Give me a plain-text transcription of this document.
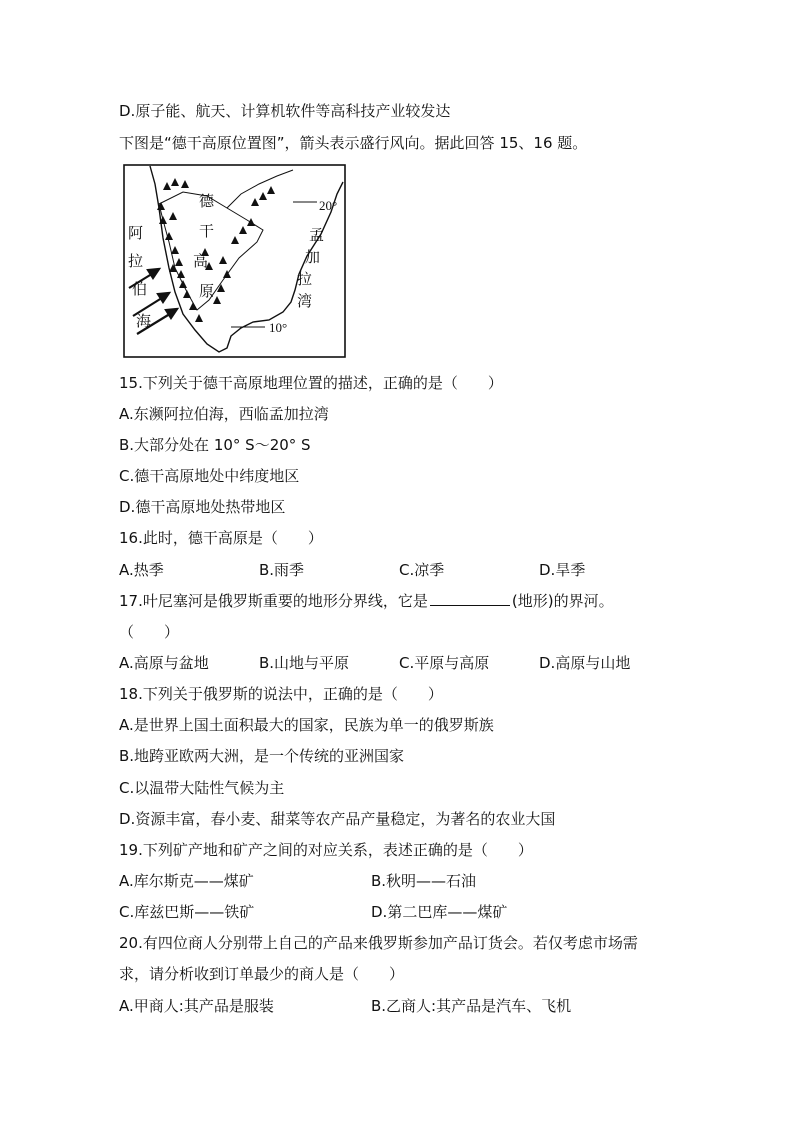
D.原子能、航天、计算机软件等高科技产业较发达
下图是“德干高原位置图”，箭头表示盛行风向。据此回答 15、16 题。
德
干
高
原
阿
拉
伯
海
孟
加
拉
湾
20°
10°
15.下列关于德干高原地理位置的描述，正确的是（　　）
A.东濒阿拉伯海，西临孟加拉湾
B.大部分处在 10° S～20° S
C.德干高原地处中纬度地区
D.德干高原地处热带地区
16.此时，德干高原是（　　）
A.热季	B.雨季	C.凉季	D.旱季
17.叶尼塞河是俄罗斯重要的地形分界线，它是	(地形)的界河。
（　　）
A.高原与盆地	B.山地与平原	C.平原与高原	D.高原与山地
18.下列关于俄罗斯的说法中，正确的是（　　）
A.是世界上国土面积最大的国家，民族为单一的俄罗斯族
B.地跨亚欧两大洲，是一个传统的亚洲国家
C.以温带大陆性气候为主
D.资源丰富，春小麦、甜菜等农产品产量稳定，为著名的农业大国
19.下列矿产地和矿产之间的对应关系，表述正确的是（　　）
A.库尔斯克——煤矿	B.秋明——石油
C.库兹巴斯——铁矿	D.第二巴库——煤矿
20.有四位商人分别带上自己的产品来俄罗斯参加产品订货会。若仅考虑市场需
求，请分析收到订单最少的商人是（　　）
A.甲商人:其产品是服装	B.乙商人:其产品是汽车、飞机
